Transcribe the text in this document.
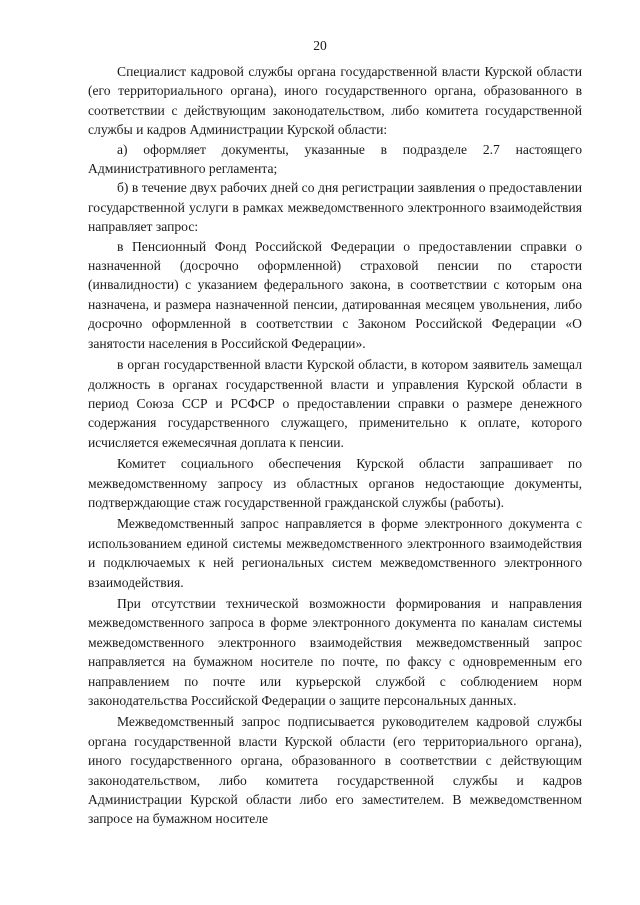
20

Специалист кадровой службы органа государственной власти Курской области (его территориального органа), иного государственного органа, образованного в соответствии с действующим законодательством, либо комитета государственной службы и кадров Администрации Курской области:

а) оформляет документы, указанные в подразделе 2.7 настоящего Административного регламента;

б) в течение двух рабочих дней со дня регистрации заявления о предоставлении государственной услуги в рамках межведомственного электронного взаимодействия направляет запрос:

в Пенсионный Фонд Российской Федерации о предоставлении справки о назначенной (досрочно оформленной) страховой пенсии по старости (инвалидности) с указанием федерального закона, в соответствии с которым она назначена, и размера назначенной пенсии, датированная месяцем увольнения, либо досрочно оформленной в соответствии с Законом Российской Федерации «О занятости населения в Российской Федерации».

в орган государственной власти Курской области, в котором заявитель замещал должность в органах государственной власти и управления Курской области в период Союза ССР и РСФСР о предоставлении справки о размере денежного содержания государственного служащего, применительно к оплате, которого исчисляется ежемесячная доплата к пенсии.

Комитет социального обеспечения Курской области запрашивает по межведомственному запросу из областных органов недостающие документы, подтверждающие стаж государственной гражданской службы (работы).

Межведомственный запрос направляется в форме электронного документа с использованием единой системы межведомственного электронного взаимодействия и подключаемых к ней региональных систем межведомственного электронного взаимодействия.

При отсутствии технической возможности формирования и направления межведомственного запроса в форме электронного документа по каналам системы межведомственного электронного взаимодействия межведомственный запрос направляется на бумажном носителе по почте, по факсу с одновременным его направлением по почте или курьерской службой с соблюдением норм законодательства Российской Федерации о защите персональных данных.

Межведомственный запрос подписывается руководителем кадровой службы органа государственной власти Курской области (его территориального органа), иного государственного органа, образованного в соответствии с действующим законодательством, либо комитета государственной службы и кадров Администрации Курской области либо его заместителем. В межведомственном запросе на бумажном носителе
